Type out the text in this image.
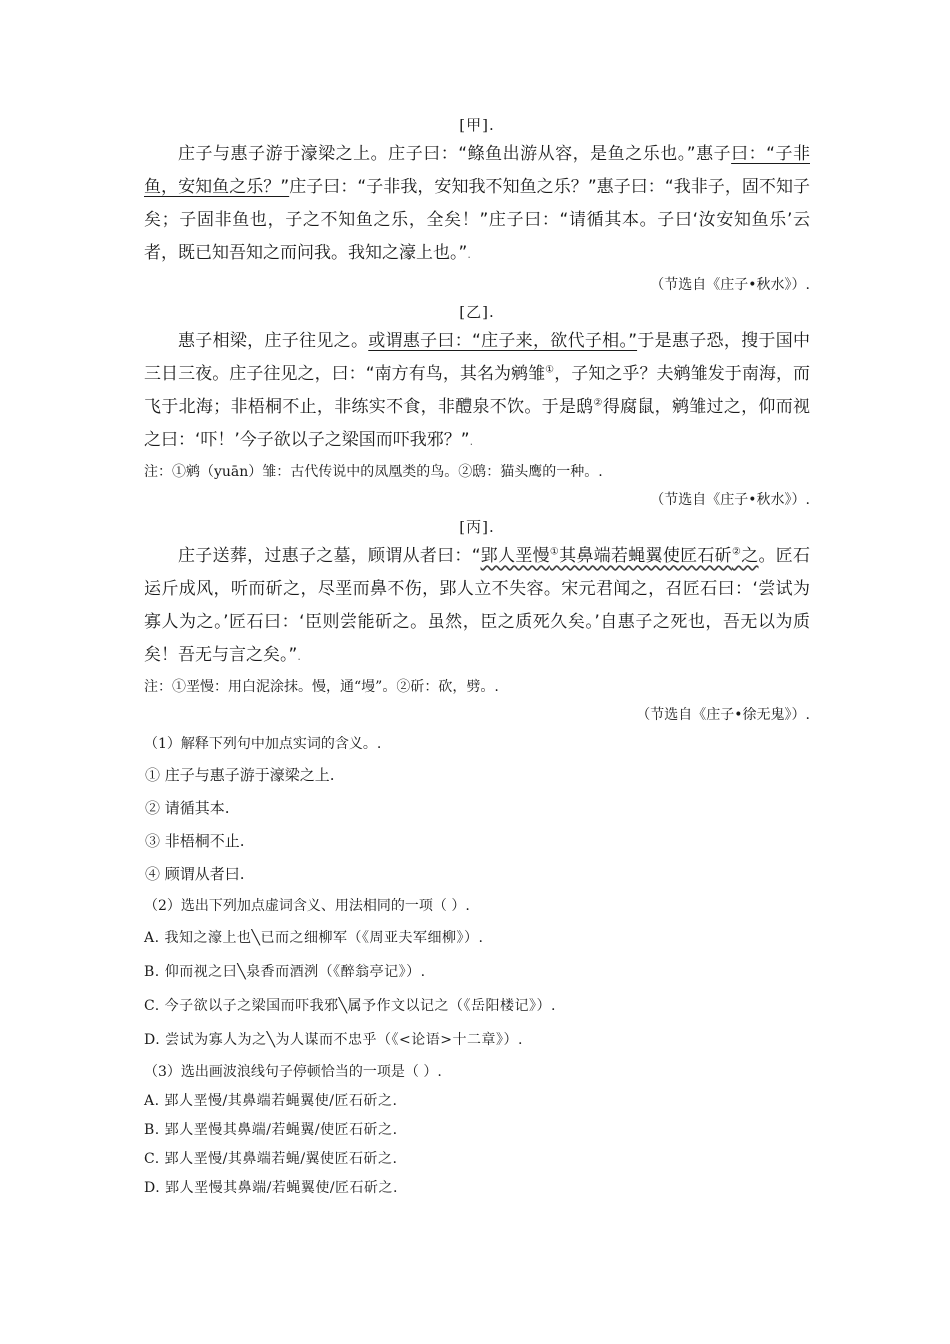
[甲].

庄子与惠子游于濠梁之上。庄子曰：“鲦鱼出游从容，是鱼之乐也。”惠子曰：“子非鱼，安知鱼之乐？”庄子曰：“子非我，安知我不知鱼之乐？”惠子曰：“我非子，固不知子矣；子固非鱼也，子之不知鱼之乐，全矣！”庄子曰：“请循其本。子曰‘汝安知鱼乐’云者，既已知吾知之而问我。我知之濠上也。”.

（节选自《庄子•秋水》）.
[乙].

惠子相梁，庄子往见之。或谓惠子曰：“庄子来，欲代子相。”于是惠子恐，搜于国中三日三夜。庄子往见之，曰：“南方有鸟，其名为鹓雏①，子知之乎？夫鹓雏发于南海，而飞于北海；非梧桐不止，非练实不食，非醴泉不饮。于是鸱②得腐鼠，鹓雏过之，仰而视之曰：‘吓！’今子欲以子之梁国而吓我邪？”.

注：①鹓（yuān）雏：古代传说中的凤凰类的鸟。②鸱：猫头鹰的一种。.
（节选自《庄子•秋水》）.
[丙].

庄子送葬，过惠子之墓，顾谓从者曰：“郢人垩慢①其鼻端若蝇翼使匠石斫②之。匠石运斤成风，听而斫之，尽垩而鼻不伤，郢人立不失容。宋元君闻之，召匠石曰：‘尝试为寡人为之。’匠石曰：‘臣则尝能斫之。虽然，臣之质死久矣。’自惠子之死也，吾无以为质矣！吾无与言之矣。”.

注：①垩慢：用白泥涂抹。慢，通“墁”。②斫：砍，劈。.
（节选自《庄子•徐无鬼》）.
（1）解释下列句中加点实词的含义。.
① 庄子与惠子游于濠梁之上.
② 请循其本.
③ 非梧桐不止.
④ 顾谓从者曰.
（2）选出下列加点虚词含义、用法相同的一项（ ）.
A. 我知之濠上也╲已而之细柳军（《周亚夫军细柳》）.
B. 仰而视之曰╲泉香而酒洌（《醉翁亭记》）.
C. 今子欲以子之梁国而吓我邪╲属予作文以记之（《岳阳楼记》）.
D. 尝试为寡人为之╲为人谋而不忠乎（《<论语>十二章》）.
（3）选出画波浪线句子停顿恰当的一项是（ ）.
A. 郢人垩慢/其鼻端若蝇翼使/匠石斫之.
B. 郢人垩慢其鼻端/若蝇翼/使匠石斫之.
C. 郢人垩慢/其鼻端若蝇/翼使匠石斫之.
D. 郢人垩慢其鼻端/若蝇翼使/匠石斫之.
